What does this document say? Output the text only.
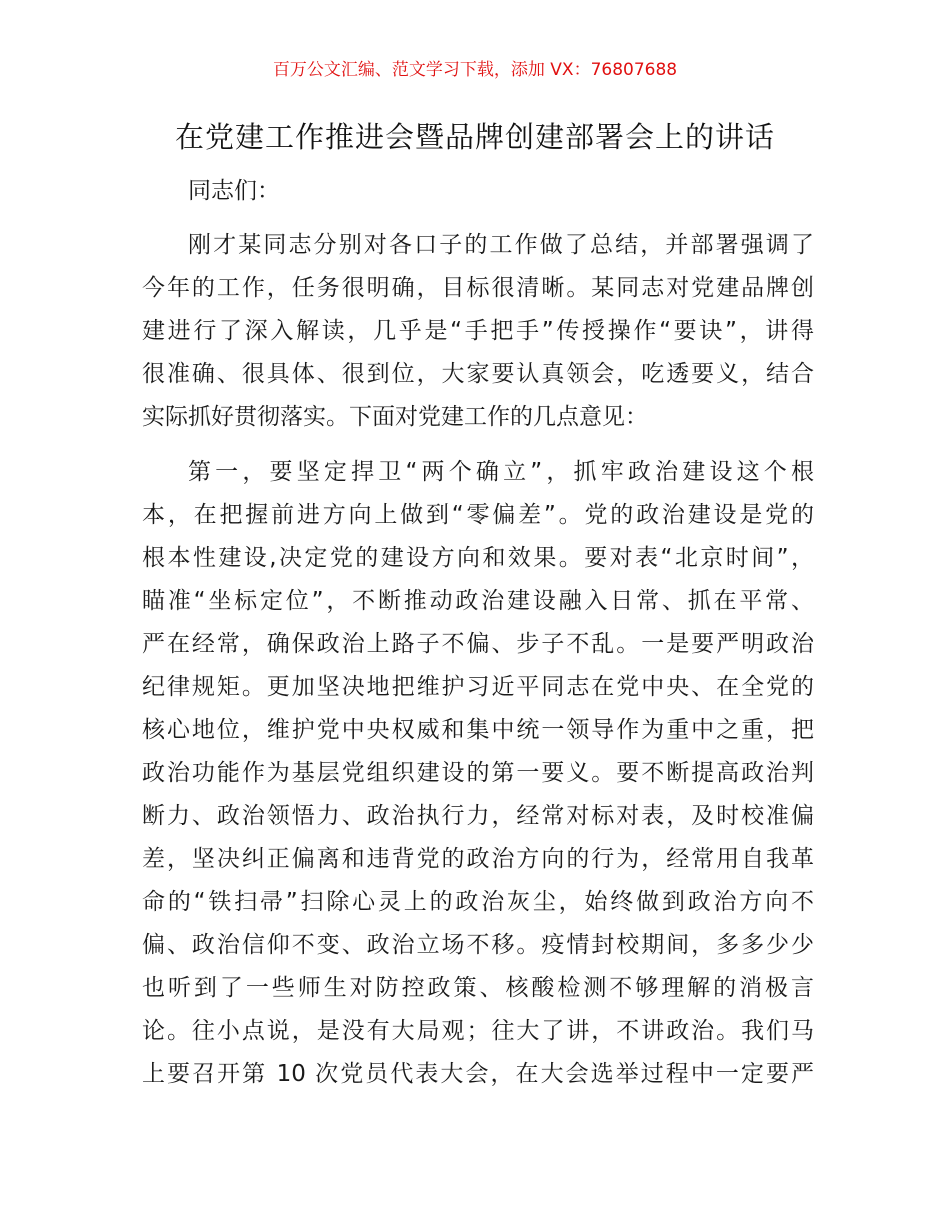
百万公文汇编、范文学习下载，添加 VX：76807688
在党建工作推进会暨品牌创建部署会上的讲话
同志们：
刚才某同志分别对各口子的工作做了总结，并部署强调了
今年的工作，任务很明确，目标很清晰。某同志对党建品牌创
建进行了深入解读，几乎是“手把手”传授操作“要诀”，讲得
很准确、很具体、很到位，大家要认真领会，吃透要义，结合
实际抓好贯彻落实。下面对党建工作的几点意见：
第一，要坚定捍卫“两个确立”，抓牢政治建设这个根
本，在把握前进方向上做到“零偏差”。党的政治建设是党的
根本性建设,决定党的建设方向和效果。要对表“北京时间”，
瞄准“坐标定位”，不断推动政治建设融入日常、抓在平常、
严在经常，确保政治上路子不偏、步子不乱。一是要严明政治
纪律规矩。更加坚决地把维护习近平同志在党中央、在全党的
核心地位，维护党中央权威和集中统一领导作为重中之重，把
政治功能作为基层党组织建设的第一要义。要不断提高政治判
断力、政治领悟力、政治执行力，经常对标对表，及时校准偏
差，坚决纠正偏离和违背党的政治方向的行为，经常用自我革
命的“铁扫帚”扫除心灵上的政治灰尘，始终做到政治方向不
偏、政治信仰不变、政治立场不移。疫情封校期间，多多少少
也听到了一些师生对防控政策、核酸检测不够理解的消极言
论。往小点说，是没有大局观；往大了讲，不讲政治。我们马
上要召开第 10 次党员代表大会，在大会选举过程中一定要严
